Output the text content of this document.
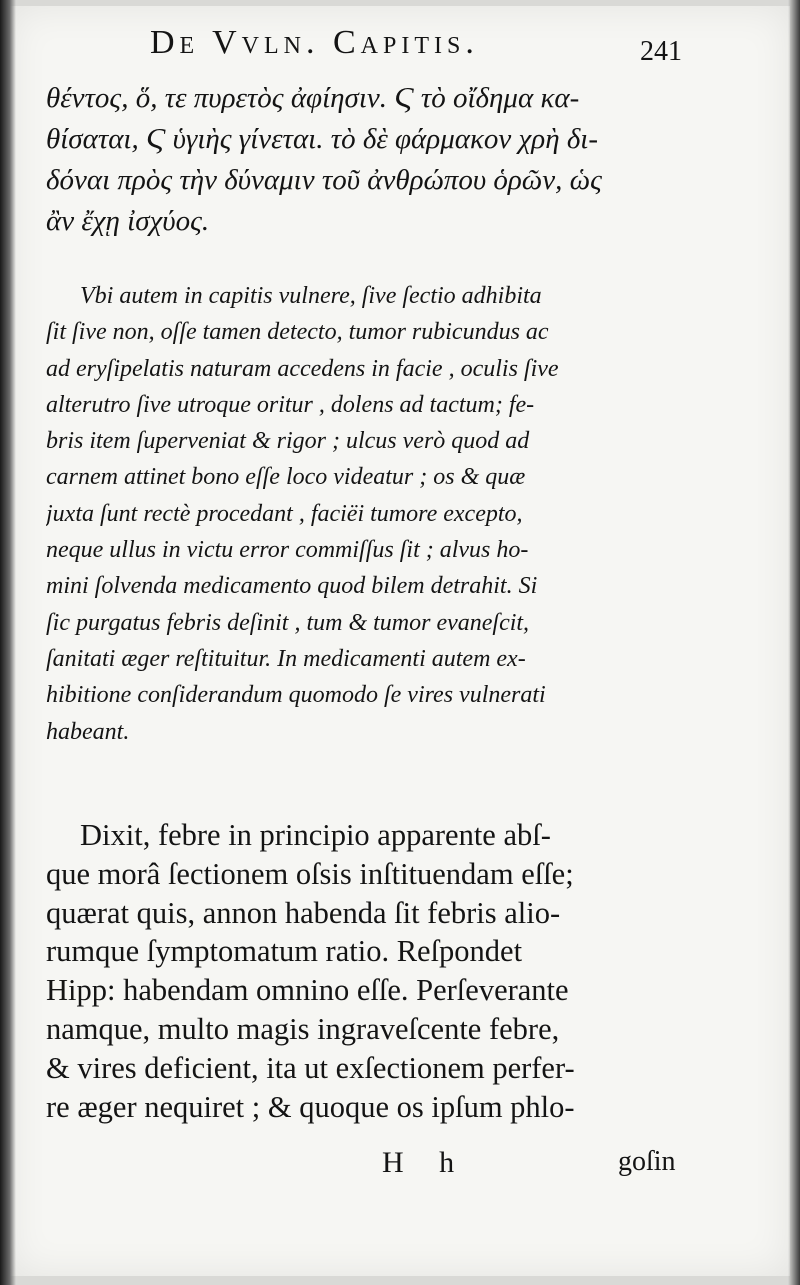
De Vvln. Capitis.	241
θέντος, ὅ, τε πυρετὸς ἀφίησιν. Ϛ τὸ οἴδημα κα-
θίσαται, Ϛ ὑγιὴς γίνεται. τὸ δὲ φάρμακον χρὴ δι-
δόναι πρὸς τὴν δύναμιν τοῦ ἀνθρώπου ὁρῶν, ὡς
ἂν ἔχῃ ἰσχύος.
Vbi autem in capitis vulnere, ſive ſectio adhibita
ſit ſive non, oſſe tamen detecto, tumor rubicundus ac
ad eryſipelatis naturam accedens in facie , oculis ſive
alterutro ſive utroque oritur , dolens ad tactum; fe-
bris item ſuperveniat & rigor ; ulcus verò quod ad
carnem attinet bono eſſe loco videatur ; os & quæ
juxta ſunt rectè procedant , faciëi tumore excepto,
neque ullus in victu error commiſſus ſit ; alvus ho-
mini ſolvenda medicamento quod bilem detrahit. Si
ſic purgatus febris deſinit , tum & tumor evaneſcit,
ſanitati æger reſtituitur. In medicamenti autem ex-
hibitione conſiderandum quomodo ſe vires vulnerati
habeant.
Dixit, febre in principio apparente abſ-
que morâ ſectionem oſsis inſtituendam eſſe;
quærat quis, annon habenda ſit febris alio-
rumque ſymptomatum ratio. Reſpondet
Hipp: habendam omnino eſſe. Perſeverante
namque, multo magis ingraveſcente febre,
& vires deficient, ita ut exſectionem perfer-
re æger nequiret ; & quoque os ipſum phlo-
H h	goſin
